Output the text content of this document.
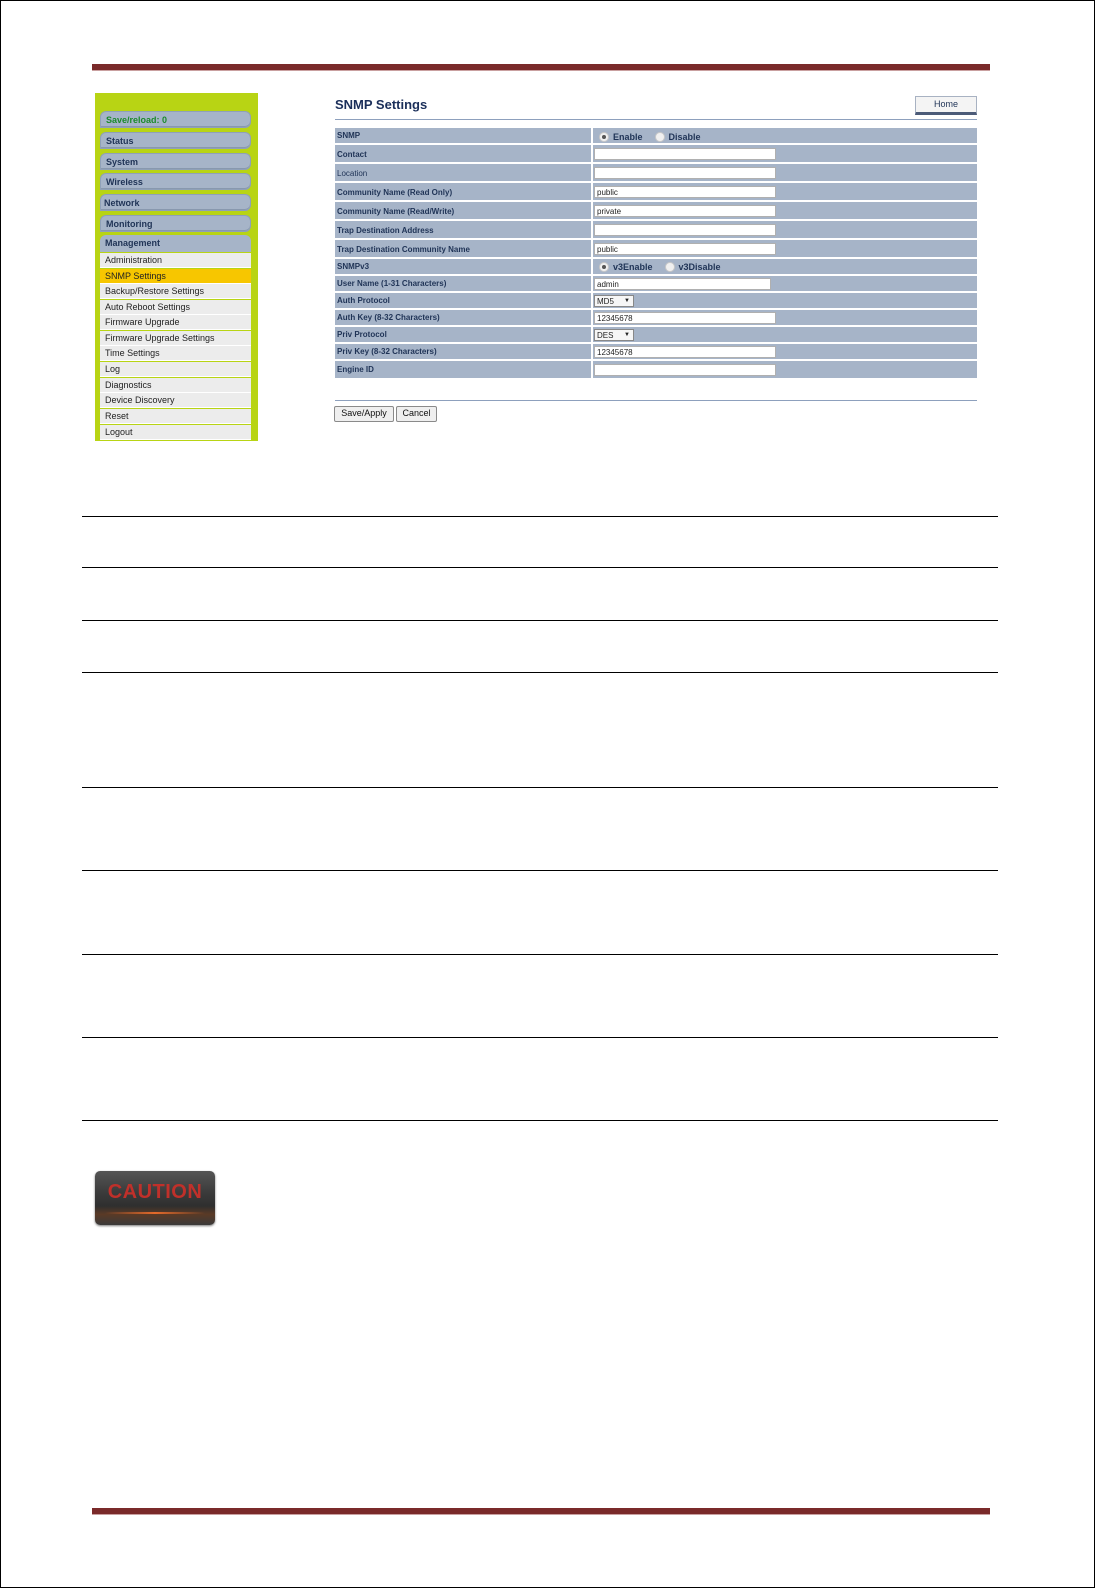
Save/reload: 0
Status
System
Wireless
Network
Monitoring
Management
Administration
SNMP Settings
Backup/Restore Settings
Auto Reboot Settings
Firmware Upgrade
Firmware Upgrade Settings
Time Settings
Log
Diagnostics
Device Discovery
Reset
Logout
SNMP Settings	Home
SNMP	Enable	Disable
Contact
Location
Community Name (Read Only)	public
Community Name (Read/Write)	private
Trap Destination Address
Trap Destination Community Name	public
SNMPv3	v3Enable	v3Disable
User Name (1-31 Characters)	admin
Auth Protocol	MD5 ▼
Auth Key (8-32 Characters)	12345678
Priv Protocol	DES ▼
Priv Key (8-32 Characters)	12345678
Engine ID
Save/Apply	Cancel
CAUTION
